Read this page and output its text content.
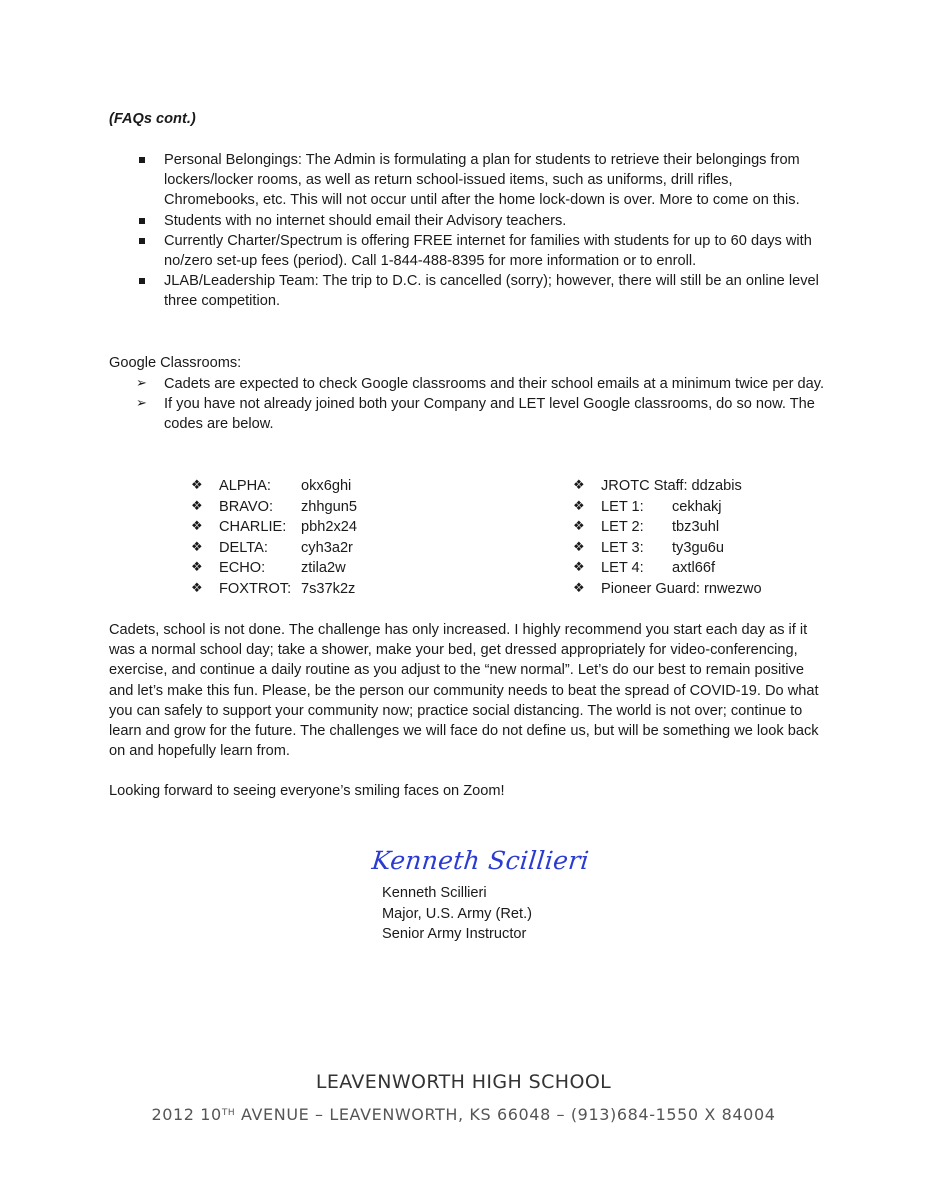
(FAQs cont.)
Personal Belongings: The Admin is formulating a plan for students to retrieve their belongings from lockers/locker rooms, as well as return school-issued items, such as uniforms, drill rifles, Chromebooks, etc. This will not occur until after the home lock-down is over. More to come on this.
Students with no internet should email their Advisory teachers.
Currently Charter/Spectrum is offering FREE internet for families with students for up to 60 days with no/zero set-up fees (period). Call 1-844-488-8395 for more information or to enroll.
JLAB/Leadership Team: The trip to D.C. is cancelled (sorry); however, there will still be an online level three competition.
Google Classrooms:
➢ Cadets are expected to check Google classrooms and their school emails at a minimum twice per day.
➢ If you have not already joined both your Company and LET level Google classrooms, do so now. The codes are below.
❖ ALPHA: okx6ghi
❖ BRAVO: zhhgun5
❖ CHARLIE: pbh2x24
❖ DELTA: cyh3a2r
❖ ECHO: ztila2w
❖ FOXTROT: 7s37k2z
❖ JROTC Staff: ddzabis
❖ LET 1: cekhakj
❖ LET 2: tbz3uhl
❖ LET 3: ty3gu6u
❖ LET 4: axtl66f
❖ Pioneer Guard: rnwezwo

Cadets, school is not done. The challenge has only increased. I highly recommend you start each day as if it was a normal school day; take a shower, make your bed, get dressed appropriately for video-conferencing, exercise, and continue a daily routine as you adjust to the “new normal”. Let’s do our best to remain positive and let’s make this fun. Please, be the person our community needs to beat the spread of COVID-19. Do what you can safely to support your community now; practice social distancing. The world is not over; continue to learn and grow for the future. The challenges we will face do not define us, but will be something we look back on and hopefully learn from.

Looking forward to seeing everyone’s smiling faces on Zoom!

Kenneth Scillieri
Kenneth Scillieri
Major, U.S. Army (Ret.)
Senior Army Instructor
LEAVENWORTH HIGH SCHOOL
2012 10TH AVENUE – LEAVENWORTH, KS 66048 – (913)684-1550 X 84004
